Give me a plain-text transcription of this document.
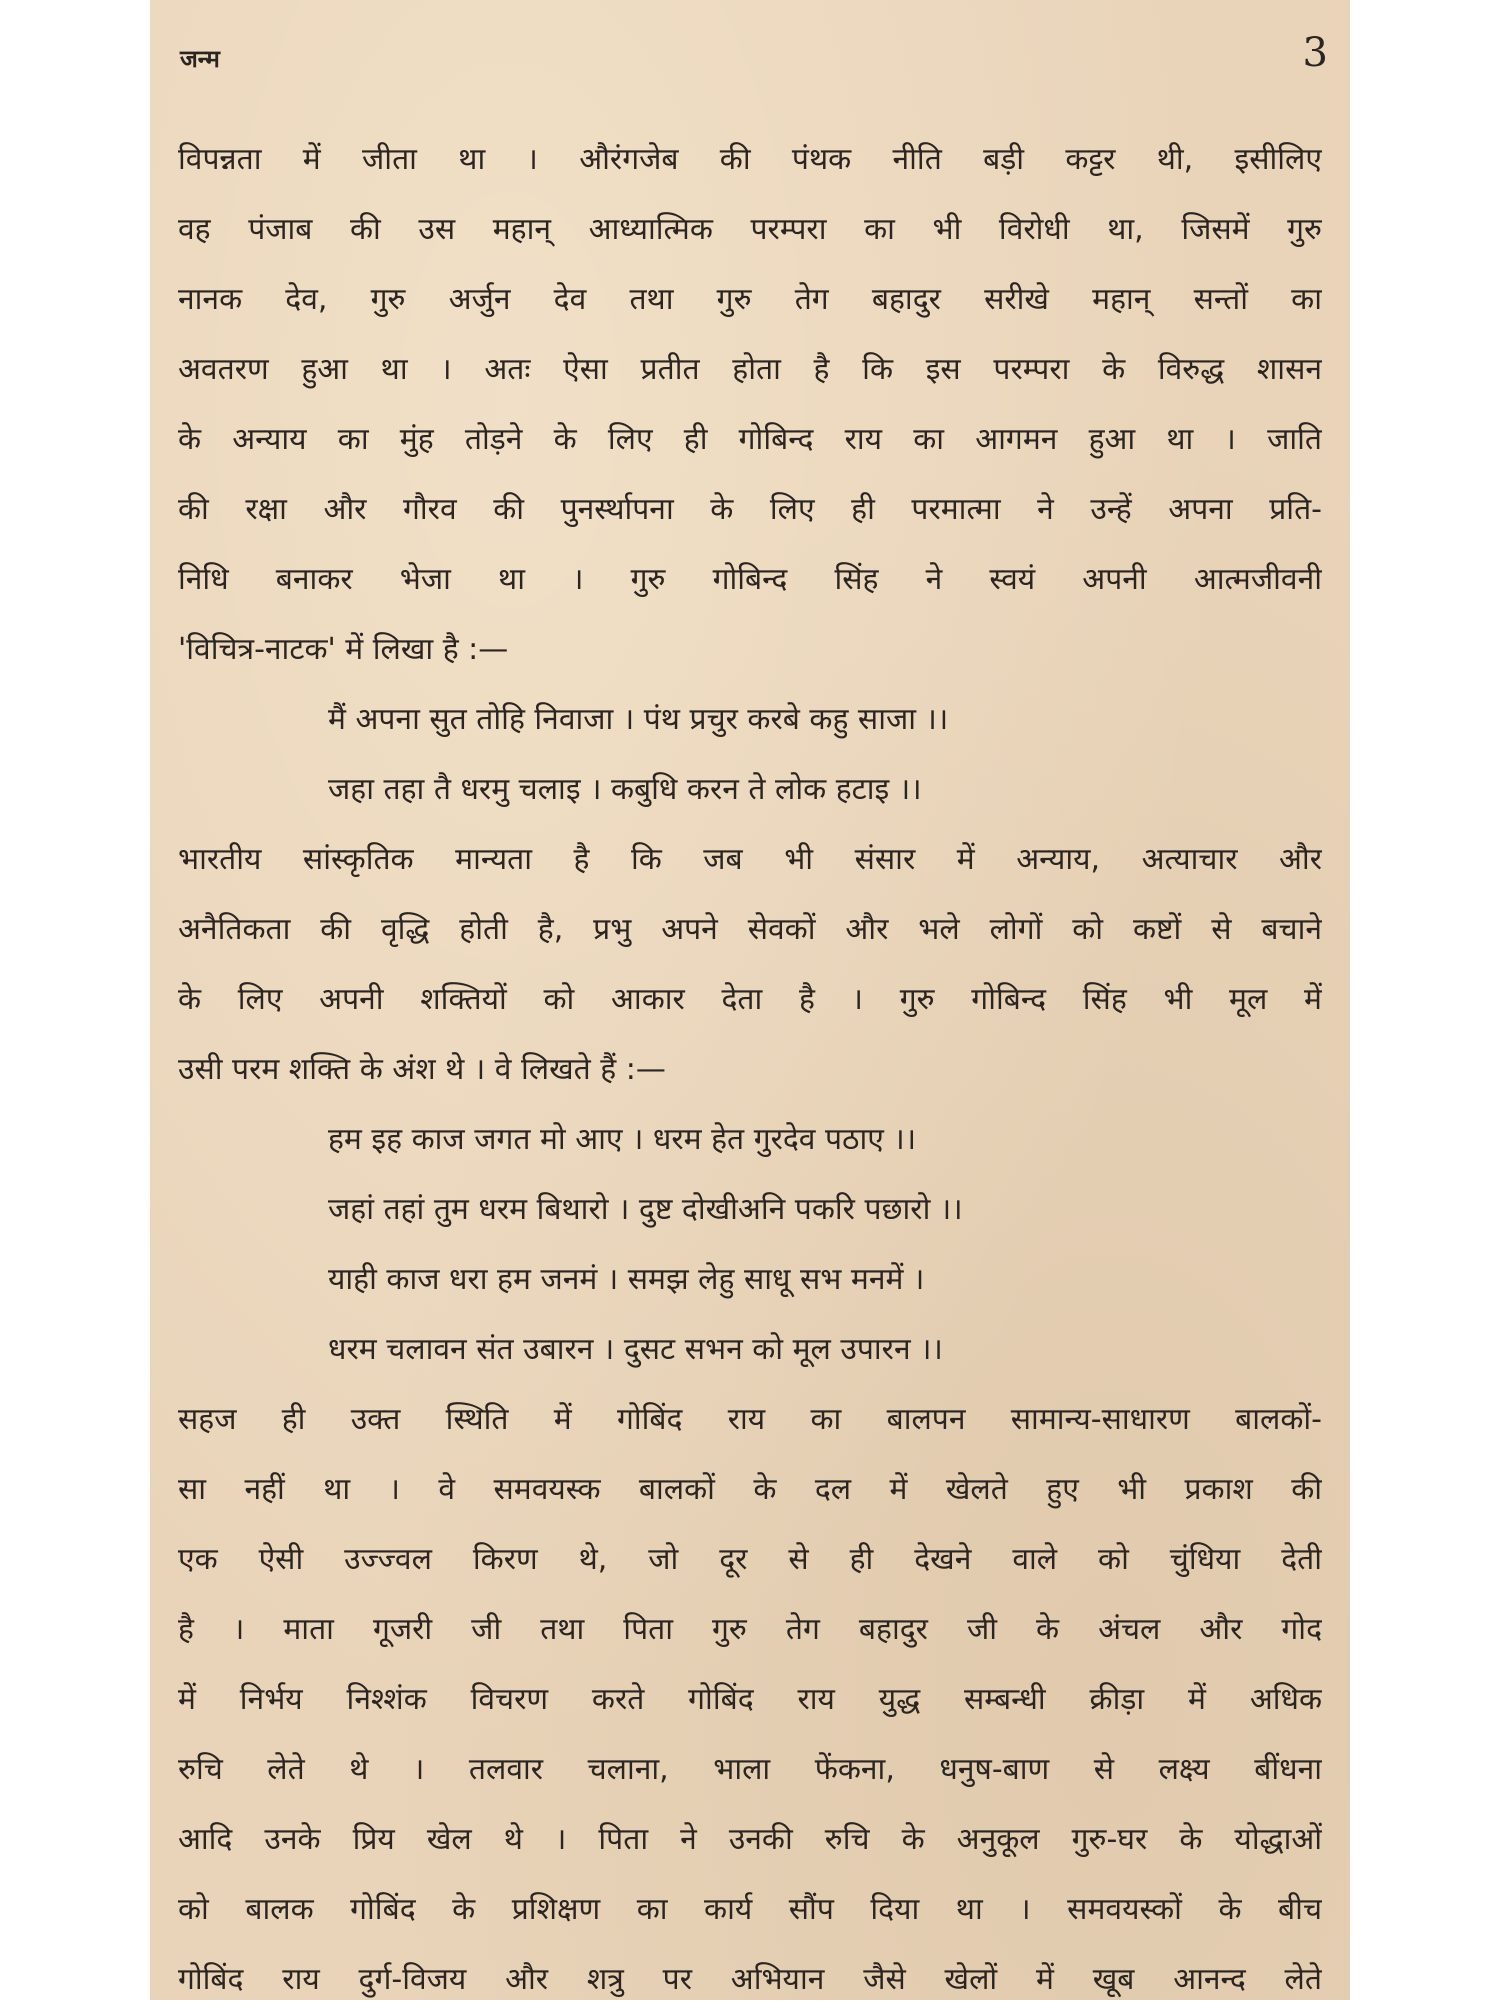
जन्म	3
विपन्नता में जीता था । औरंगजेब की पंथक नीति बड़ी कट्टर थी, इसीलिए
वह पंजाब की उस महान् आध्यात्मिक परम्परा का भी विरोधी था, जिसमें गुरु
नानक देव, गुरु अर्जुन देव तथा गुरु तेग बहादुर सरीखे महान् सन्तों का
अवतरण हुआ था । अतः ऐसा प्रतीत होता है कि इस परम्परा के विरुद्ध शासन
के अन्याय का मुंह तोड़ने के लिए ही गोबिन्द राय का आगमन हुआ था । जाति
की रक्षा और गौरव की पुनर्स्थापना के लिए ही परमात्मा ने उन्हें अपना प्रति-
निधि बनाकर भेजा था । गुरु गोबिन्द सिंह ने स्वयं अपनी आत्मजीवनी
'विचित्र-नाटक' में लिखा है :—
मैं अपना सुत तोहि निवाजा । पंथ प्रचुर करबे कहु साजा ।।
जहा तहा तै धरमु चलाइ । कबुधि करन ते लोक हटाइ ।।
भारतीय सांस्कृतिक मान्यता है कि जब भी संसार में अन्याय, अत्याचार और
अनैतिकता की वृद्धि होती है, प्रभु अपने सेवकों और भले लोगों को कष्टों से बचाने
के लिए अपनी शक्तियों को आकार देता है । गुरु गोबिन्द सिंह भी मूल में
उसी परम शक्ति के अंश थे । वे लिखते हैं :—
हम इह काज जगत मो आए । धरम हेत गुरदेव पठाए ।।
जहां तहां तुम धरम बिथारो । दुष्ट दोखीअनि पकरि पछारो ।।
याही काज धरा हम जनमं । समझ लेहु साधू सभ मनमें ।
धरम चलावन संत उबारन । दुसट सभन को मूल उपारन ।।
सहज ही उक्त स्थिति में गोबिंद राय का बालपन सामान्य-साधारण बालकों-
सा नहीं था । वे समवयस्क बालकों के दल में खेलते हुए भी प्रकाश की
एक ऐसी उज्ज्वल किरण थे, जो दूर से ही देखने वाले को चुंधिया देती
है । माता गूजरी जी तथा पिता गुरु तेग बहादुर जी के अंचल और गोद
में निर्भय निश्शंक विचरण करते गोबिंद राय युद्ध सम्बन्धी क्रीड़ा में अधिक
रुचि लेते थे । तलवार चलाना, भाला फेंकना, धनुष-बाण से लक्ष्य बींधना
आदि उनके प्रिय खेल थे । पिता ने उनकी रुचि के अनुकूल गुरु-घर के योद्धाओं
को बालक गोबिंद के प्रशिक्षण का कार्य सौंप दिया था । समवयस्कों के बीच
गोबिंद राय दुर्ग-विजय और शत्रु पर अभियान जैसे खेलों में खूब आनन्द लेते
